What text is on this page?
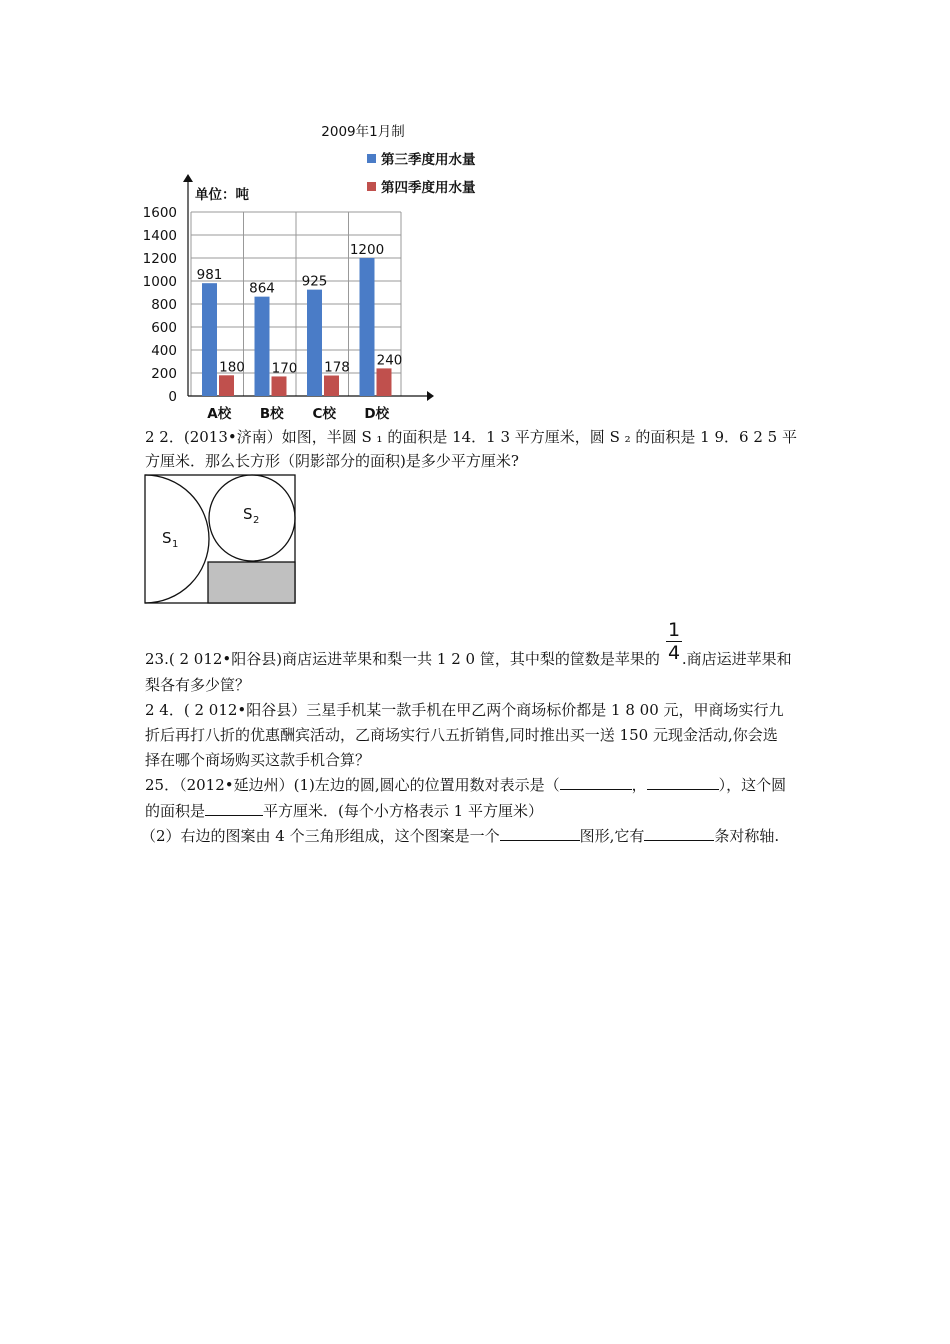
1600
1400
1200
1000
800
600
400
200
0
981
180
A校
864
170
B校
925
178
C校
1200
240
D校
2009年1月制
单位：吨
第三季度用水量
第四季度用水量
2 2．(2013•济南）如图，半圆 S ₁ 的面积是 14．1 3 平方厘米，圆 S ₂ 的面积是 1 9．6 2 5 平
方厘米．那么长方形（阴影部分的面积)是多少平方厘米?
S 1
S 2
1
4
23.( 2 012•阳谷县)商店运进苹果和梨一共 1 2 0 筐，其中梨的筐数是苹果的 .商店运进苹果和
梨各有多少筐？
2 4．( 2 012•阳谷县）三星手机某一款手机在甲乙两个商场标价都是 1 8 00 元，甲商场实行九
折后再打八折的优惠酬宾活动，乙商场实行八五折销售,同时推出买一送 150 元现金活动,你会选
择在哪个商场购买这款手机合算？
25．（2012•延边州）(1)左边的圆,圆心的位置用数对表示是（	，	），这个圆
的面积是	平方厘米．(每个小方格表示 1 平方厘米）
（2）右边的图案由 4 个三角形组成，这个图案是一个	图形,它有	条对称轴.
